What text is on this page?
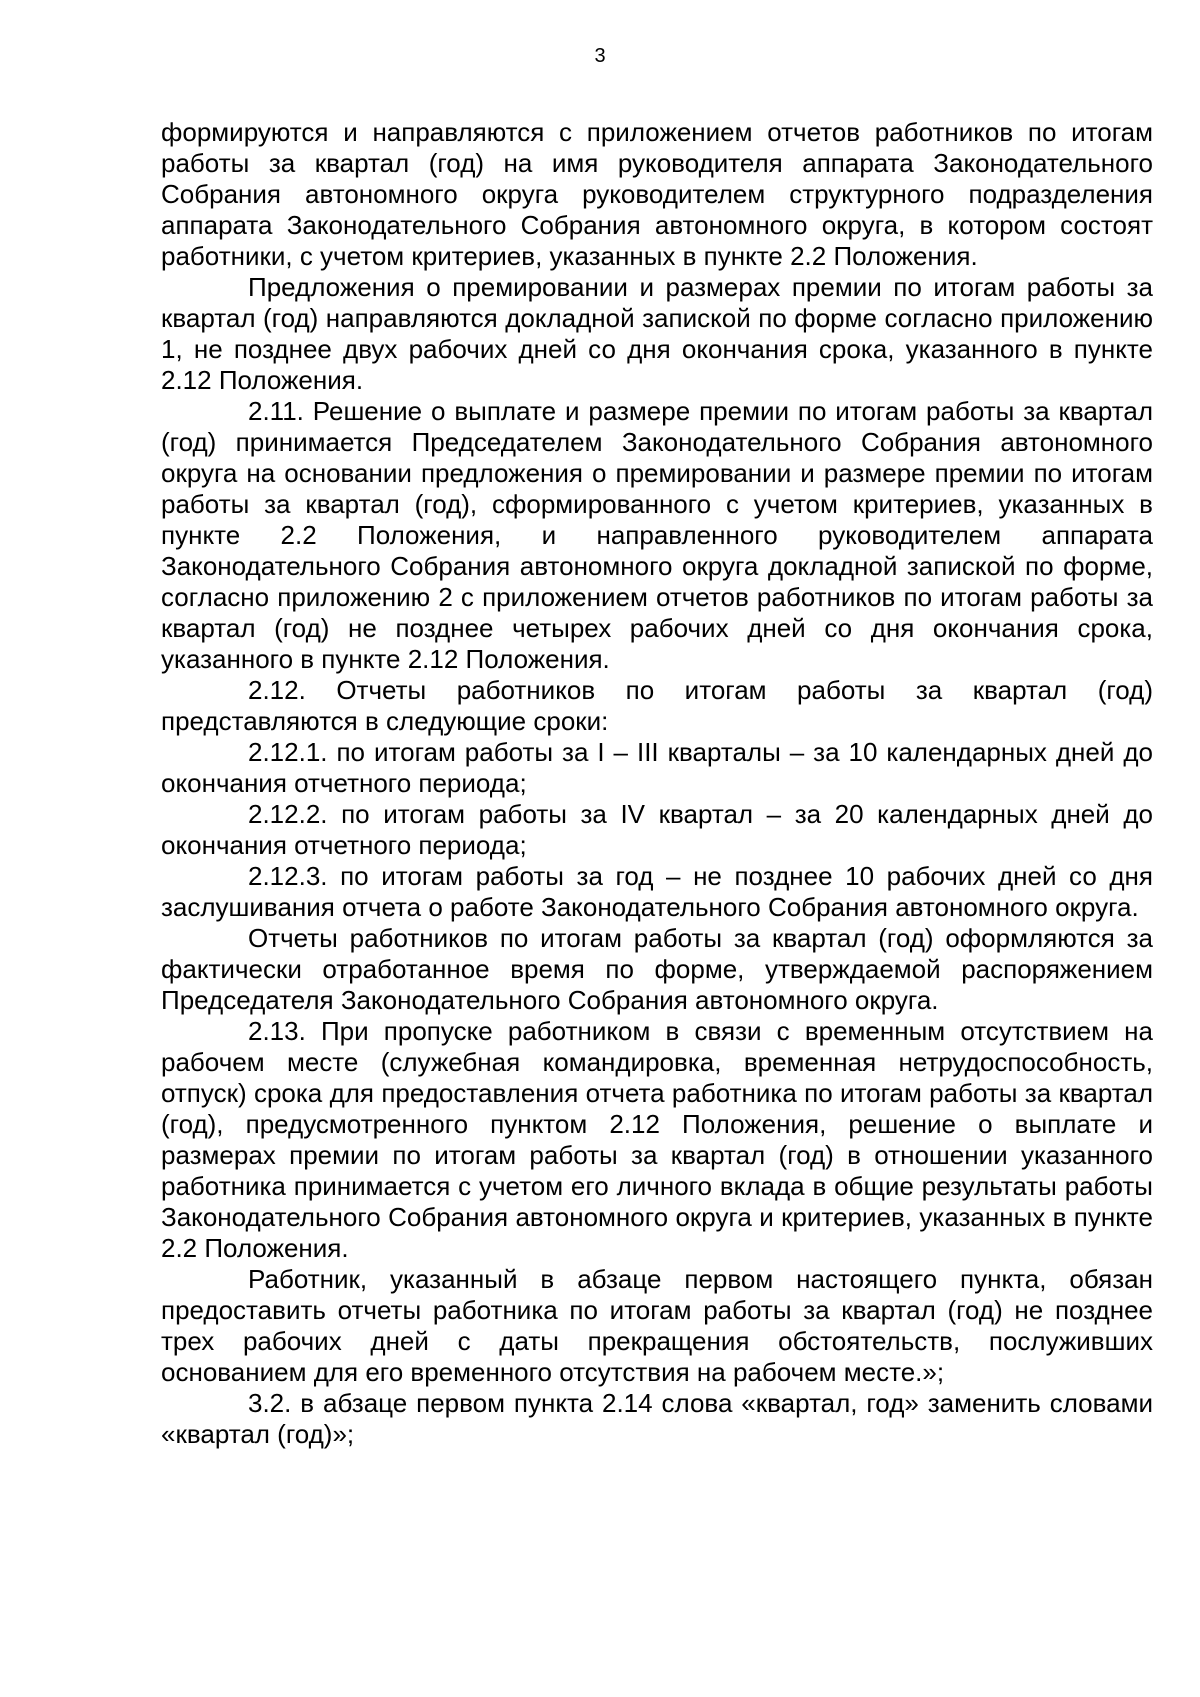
3

формируются и направляются с приложением отчетов работников по итогам работы за квартал (год) на имя руководителя аппарата Законодательного Собрания автономного округа руководителем структурного подразделения аппарата Законодательного Собрания автономного округа, в котором состоят работники, с учетом критериев, указанных в пункте 2.2 Положения.

Предложения о премировании и размерах премии по итогам работы за квартал (год) направляются докладной запиской по форме согласно приложению 1, не позднее двух рабочих дней со дня окончания срока, указанного в пункте 2.12 Положения.

2.11. Решение о выплате и размере премии по итогам работы за квартал (год) принимается Председателем Законодательного Собрания автономного округа на основании предложения о премировании и размере премии по итогам работы за квартал (год), сформированного с учетом критериев, указанных в пункте 2.2 Положения, и направленного руководителем аппарата Законодательного Собрания автономного округа докладной запиской по форме, согласно приложению 2 с приложением отчетов работников по итогам работы за квартал (год) не позднее четырех рабочих дней со дня окончания срока, указанного в пункте 2.12 Положения.

2.12. Отчеты работников по итогам работы за квартал (год) представляются в следующие сроки:

2.12.1. по итогам работы за I – III кварталы – за 10 календарных дней до окончания отчетного периода;

2.12.2. по итогам работы за IV квартал – за 20 календарных дней до окончания отчетного периода;

2.12.3. по итогам работы за год – не позднее 10 рабочих дней со дня заслушивания отчета о работе Законодательного Собрания автономного округа.

Отчеты работников по итогам работы за квартал (год) оформляются за фактически отработанное время по форме, утверждаемой распоряжением Председателя Законодательного Собрания автономного округа.

2.13. При пропуске работником в связи с временным отсутствием на рабочем месте (служебная командировка, временная нетрудоспособность, отпуск) срока для предоставления отчета работника по итогам работы за квартал (год), предусмотренного пунктом 2.12 Положения, решение о выплате и размерах премии по итогам работы за квартал (год) в отношении указанного работника принимается с учетом его личного вклада в общие результаты работы Законодательного Собрания автономного округа и критериев, указанных в пункте 2.2 Положения.

Работник, указанный в абзаце первом настоящего пункта, обязан предоставить отчеты работника по итогам работы за квартал (год) не позднее трех рабочих дней с даты прекращения обстоятельств, послуживших основанием для его временного отсутствия на рабочем месте.»;

3.2. в абзаце первом пункта 2.14 слова «квартал, год» заменить словами «квартал (год)»;
